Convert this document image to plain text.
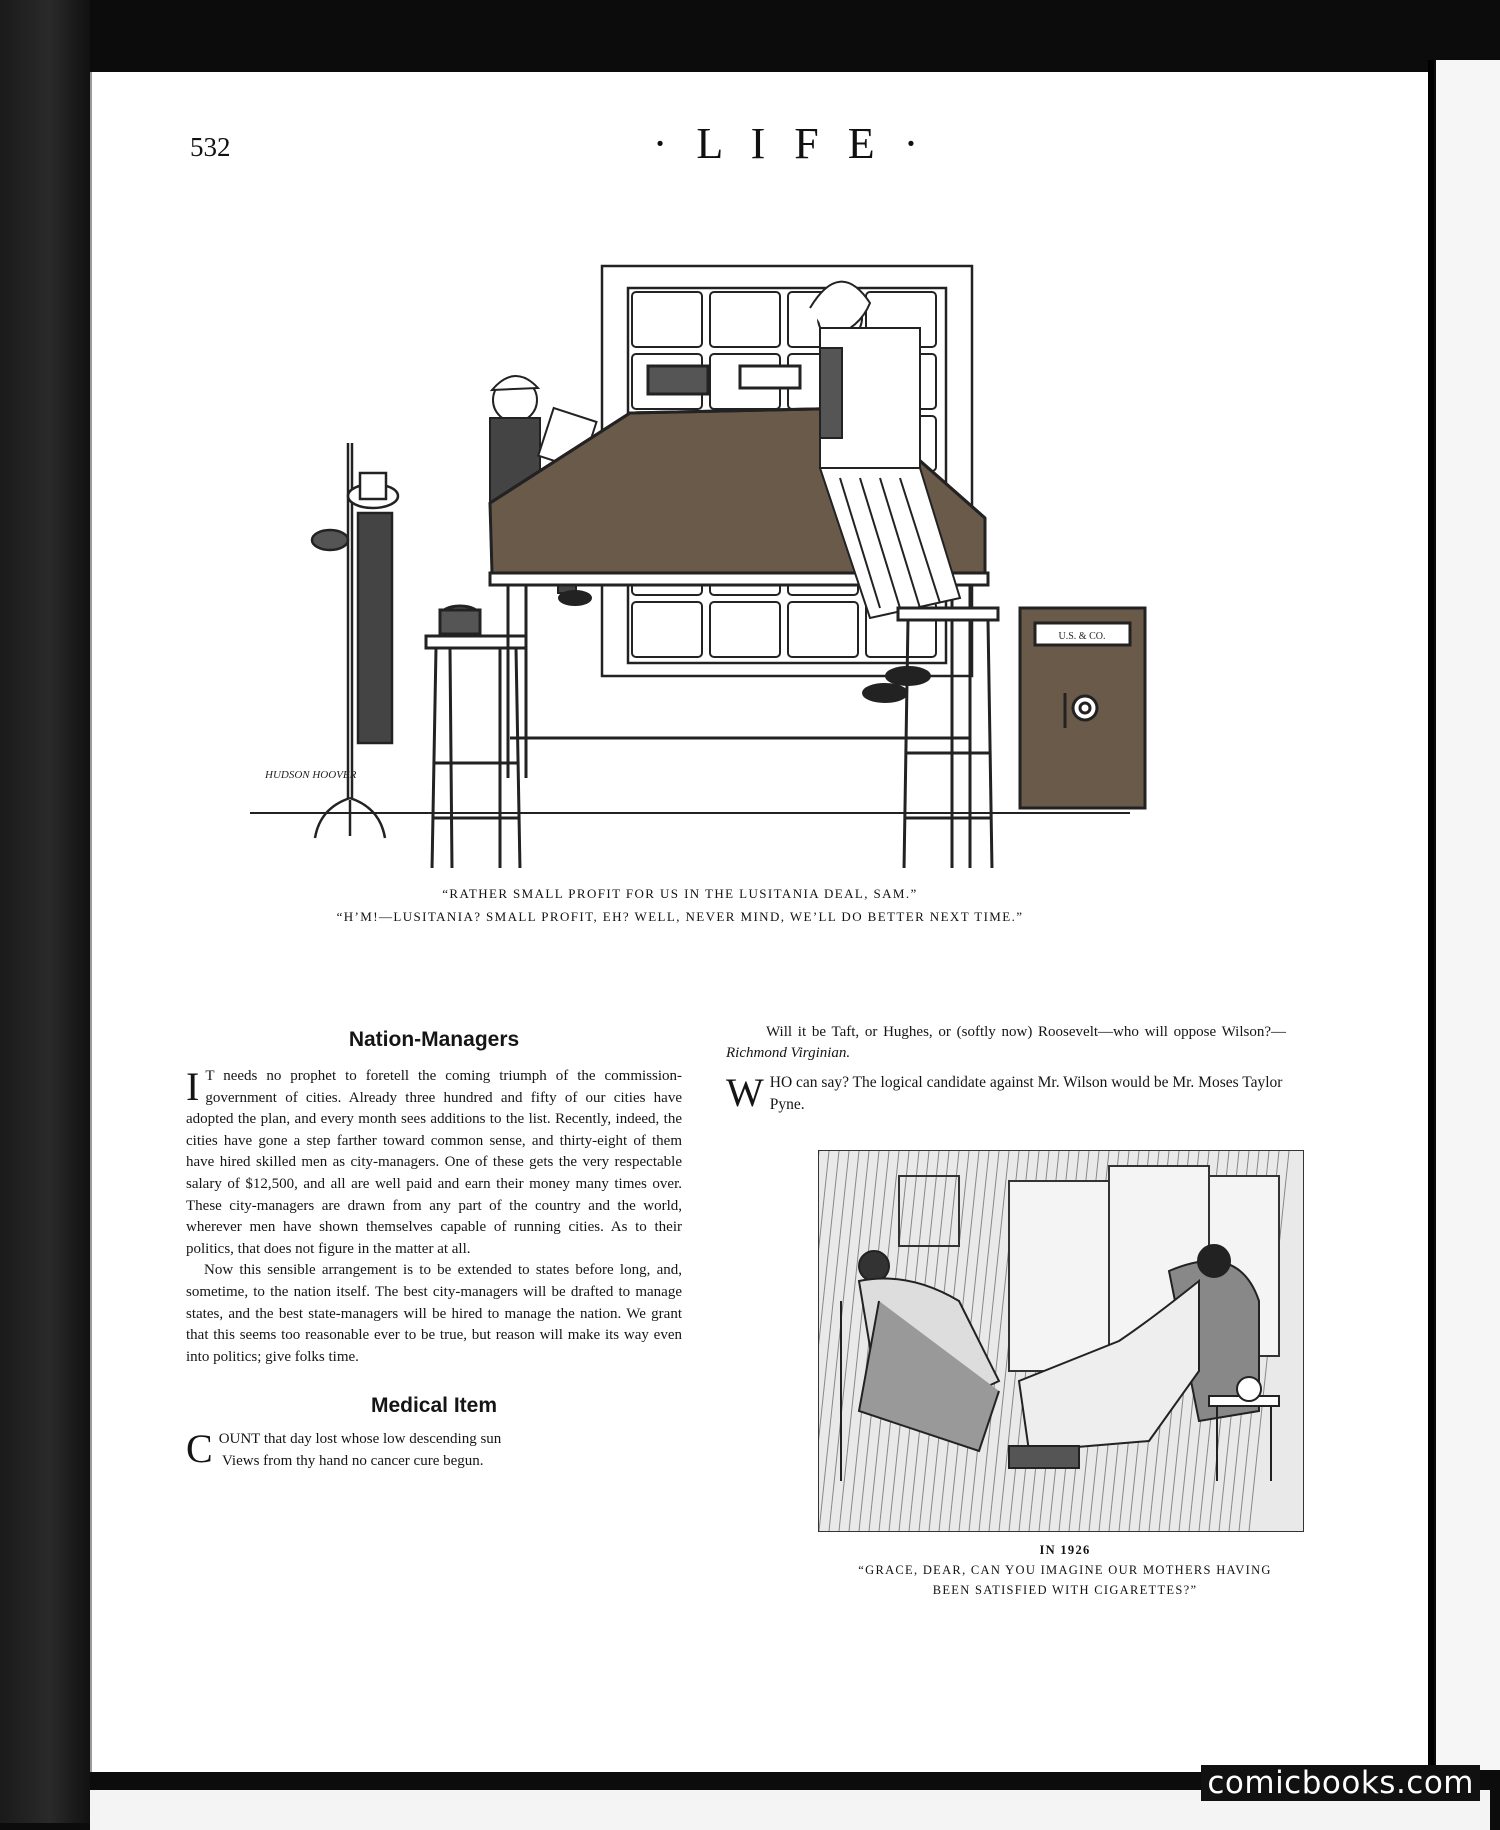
532	· L I F E ·
HUDSON HOOVER
U.S. & CO.
“RATHER SMALL PROFIT FOR US IN THE LUSITANIA DEAL, SAM.”
“H’M!—LUSITANIA? SMALL PROFIT, EH? WELL, NEVER MIND, WE’LL DO BETTER NEXT TIME.”
Nation-Managers

I T needs no prophet to foretell the coming triumph of the commission-government of cities. Already three hundred and fifty of our cities have adopted the plan, and every month sees additions to the list. Recently, indeed, the cities have gone a step farther toward common sense, and thirty-eight of them have hired skilled men as city-managers. One of these gets the very respectable salary of $12,500, and all are well paid and earn their money many times over. These city-managers are drawn from any part of the country and the world, wherever men have shown themselves capable of running cities. As to their politics, that does not figure in the matter at all.

Now this sensible arrangement is to be extended to states before long, and, sometime, to the nation itself. The best city-managers will be drafted to manage states, and the best state-managers will be hired to manage the nation. We grant that this seems too reasonable ever to be true, but reason will make its way even into politics; give folks time.

Medical Item
C OUNT that day lost whose low descending sun
Views from thy hand no cancer cure begun.

Will it be Taft, or Hughes, or (softly now) Roosevelt—who will oppose Wilson?—Richmond Virginian.

WHO can say? The logical candidate against Mr. Wilson would be Mr. Moses Taylor Pyne.

IN 1926
“GRACE, DEAR, CAN YOU IMAGINE OUR MOTHERS HAVING
BEEN SATISFIED WITH CIGARETTES?”
comicbooks.com
